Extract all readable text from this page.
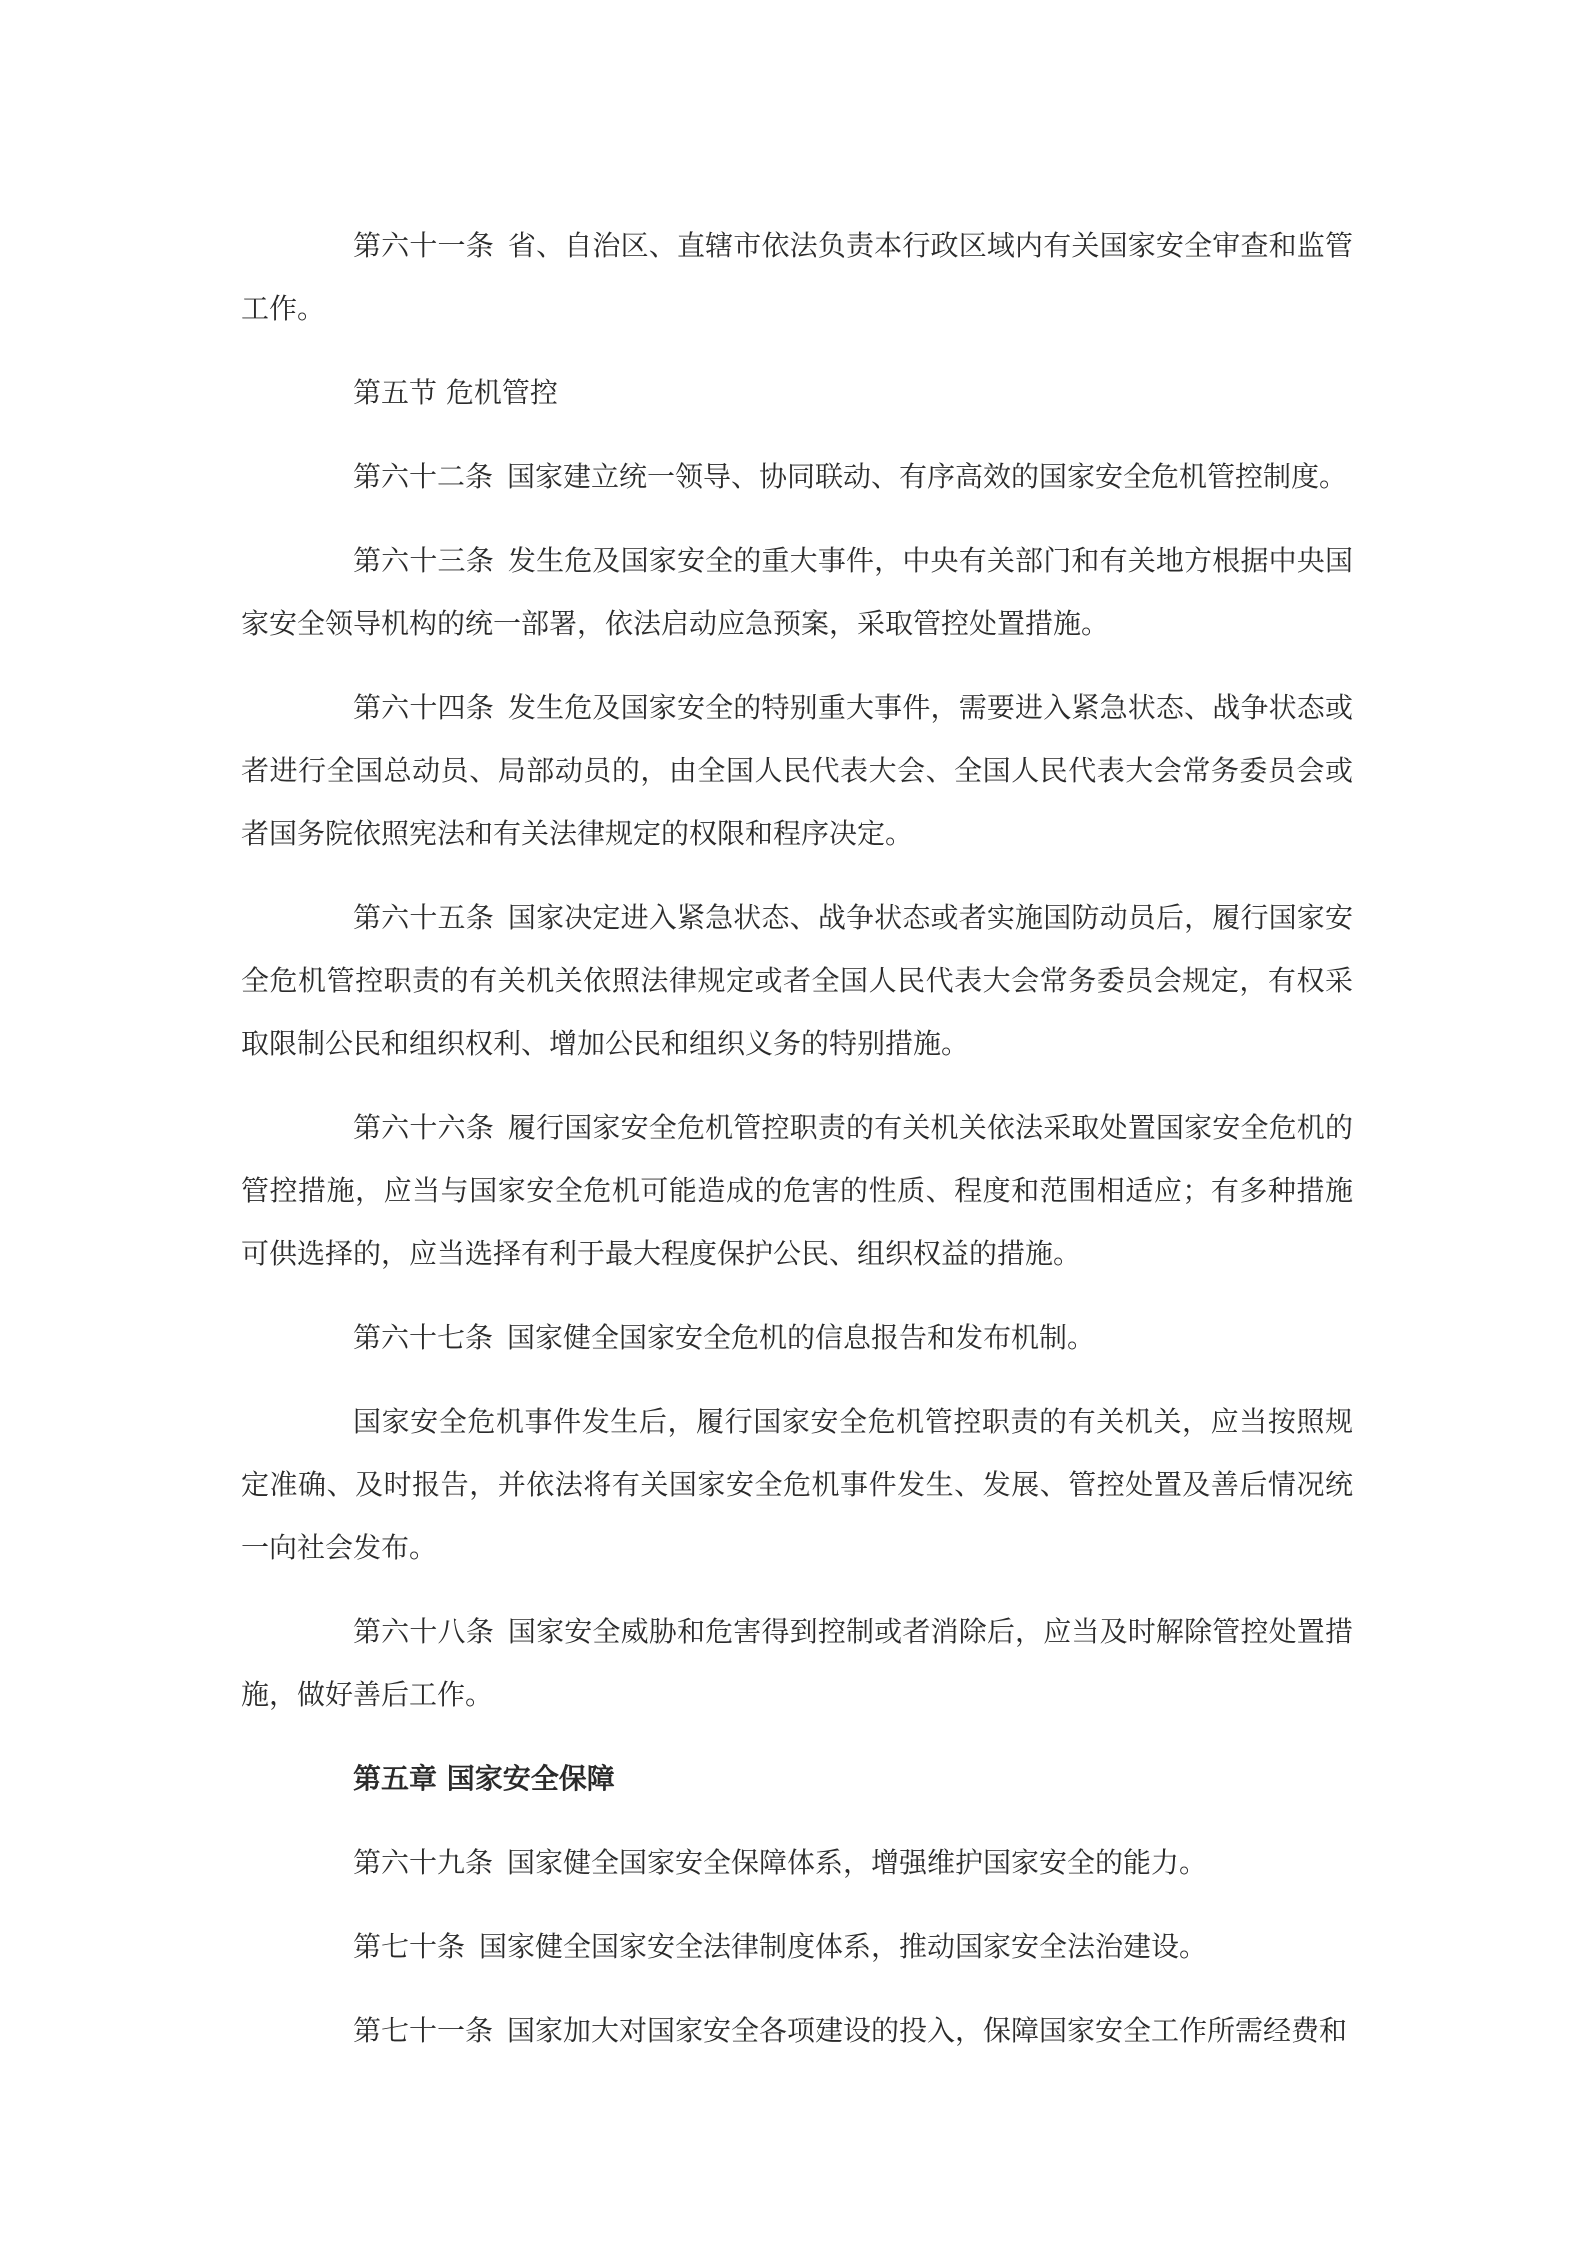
第六十一条 省、自治区、直辖市依法负责本行政区域内有关国家安全审查和监管工作。

第五节 危机管控

第六十二条 国家建立统一领导、协同联动、有序高效的国家安全危机管控制度。

第六十三条 发生危及国家安全的重大事件，中央有关部门和有关地方根据中央国家安全领导机构的统一部署，依法启动应急预案，采取管控处置措施。

第六十四条 发生危及国家安全的特别重大事件，需要进入紧急状态、战争状态或者进行全国总动员、局部动员的，由全国人民代表大会、全国人民代表大会常务委员会或者国务院依照宪法和有关法律规定的权限和程序决定。

第六十五条 国家决定进入紧急状态、战争状态或者实施国防动员后，履行国家安全危机管控职责的有关机关依照法律规定或者全国人民代表大会常务委员会规定，有权采取限制公民和组织权利、增加公民和组织义务的特别措施。

第六十六条 履行国家安全危机管控职责的有关机关依法采取处置国家安全危机的管控措施，应当与国家安全危机可能造成的危害的性质、程度和范围相适应；有多种措施可供选择的，应当选择有利于最大程度保护公民、组织权益的措施。

第六十七条 国家健全国家安全危机的信息报告和发布机制。

国家安全危机事件发生后，履行国家安全危机管控职责的有关机关，应当按照规定准确、及时报告，并依法将有关国家安全危机事件发生、发展、管控处置及善后情况统一向社会发布。

第六十八条 国家安全威胁和危害得到控制或者消除后，应当及时解除管控处置措施，做好善后工作。

第五章 国家安全保障

第六十九条 国家健全国家安全保障体系，增强维护国家安全的能力。

第七十条 国家健全国家安全法律制度体系，推动国家安全法治建设。

第七十一条 国家加大对国家安全各项建设的投入，保障国家安全工作所需经费和
